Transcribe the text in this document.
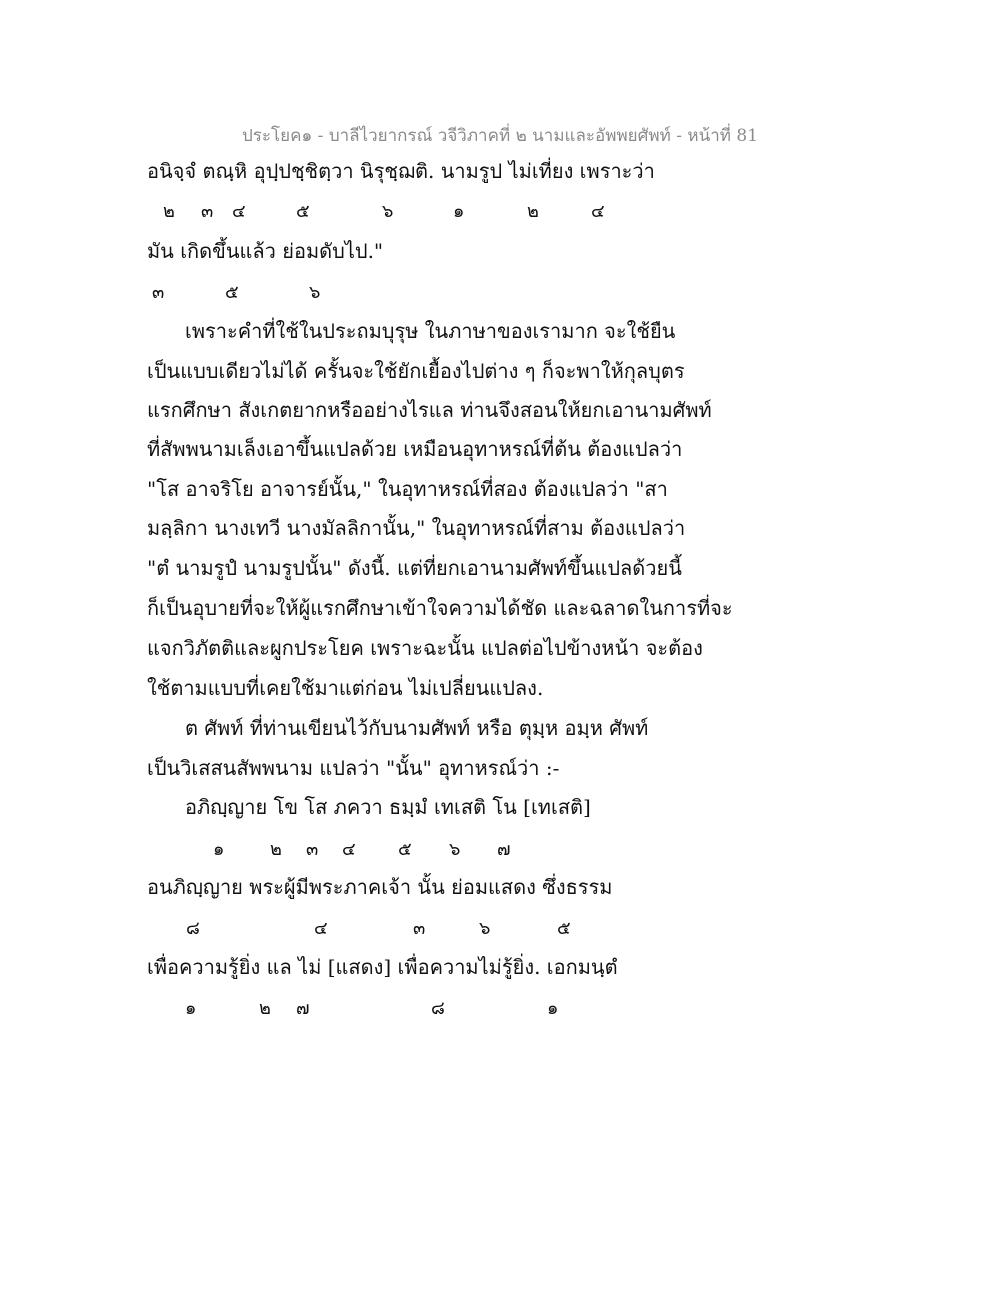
ประโยค๑ - บาลีไวยากรณ์ วจีวิภาคที่ ๒ นามและอัพพยศัพท์ - หน้าที่ 81
อนิจฺจํ ตณฺหิ อุปฺปชฺชิตฺวา นิรุชฺฌติ. นามรูป ไม่เที่ยง เพราะว่า
มัน เกิดขึ้นแล้ว ย่อมดับไป."
เพราะคำที่ใช้ในประถมบุรุษ ในภาษาของเรามาก จะใช้ยืน
เป็นแบบเดียวไม่ได้ ครั้นจะใช้ยักเยื้องไปต่าง ๆ ก็จะพาให้กุลบุตร
แรกศึกษา สังเกตยากหรืออย่างไรแล ท่านจึงสอนให้ยกเอานามศัพท์
ที่สัพพนามเล็งเอาขึ้นแปลด้วย เหมือนอุทาหรณ์ที่ต้น ต้องแปลว่า
"โส อาจริโย อาจารย์นั้น," ในอุทาหรณ์ที่สอง ต้องแปลว่า "สา
มลฺลิกา นางเทวี นางมัลลิกานั้น," ในอุทาหรณ์ที่สาม ต้องแปลว่า
"ตํ นามรูปํ นามรูปนั้น" ดังนี้. แต่ที่ยกเอานามศัพท์ขึ้นแปลด้วยนี้
ก็เป็นอุบายที่จะให้ผู้แรกศึกษาเข้าใจความได้ชัด และฉลาดในการที่จะ
แจกวิภัตติและผูกประโยค เพราะฉะนั้น แปลต่อไปข้างหน้า จะต้อง
ใช้ตามแบบที่เคยใช้มาแต่ก่อน ไม่เปลี่ยนแปลง.
ต ศัพท์ ที่ท่านเขียนไว้กับนามศัพท์ หรือ ตุมฺห อมฺห ศัพท์
เป็นวิเสสนสัพพนาม แปลว่า "นั้น" อุทาหรณ์ว่า :-
อภิญฺญาย โข โส ภควา ธมฺมํ เทเสติ โน [เทเสติ]
อนภิญฺญาย พระผู้มีพระภาคเจ้า นั้น ย่อมแสดง ซึ่งธรรม
เพื่อความรู้ยิ่ง แล ไม่ [แสดง] เพื่อความไม่รู้ยิ่ง. เอกมนฺตํ
๒ ๓ ๔	๕	๖	๑	๒	๔
๓	๕	๖
๑	๒ ๓ ๔ ๕ ๖ ๗
๘	๔	๓	๖	๕
๑	๒ ๗	๘	๑
